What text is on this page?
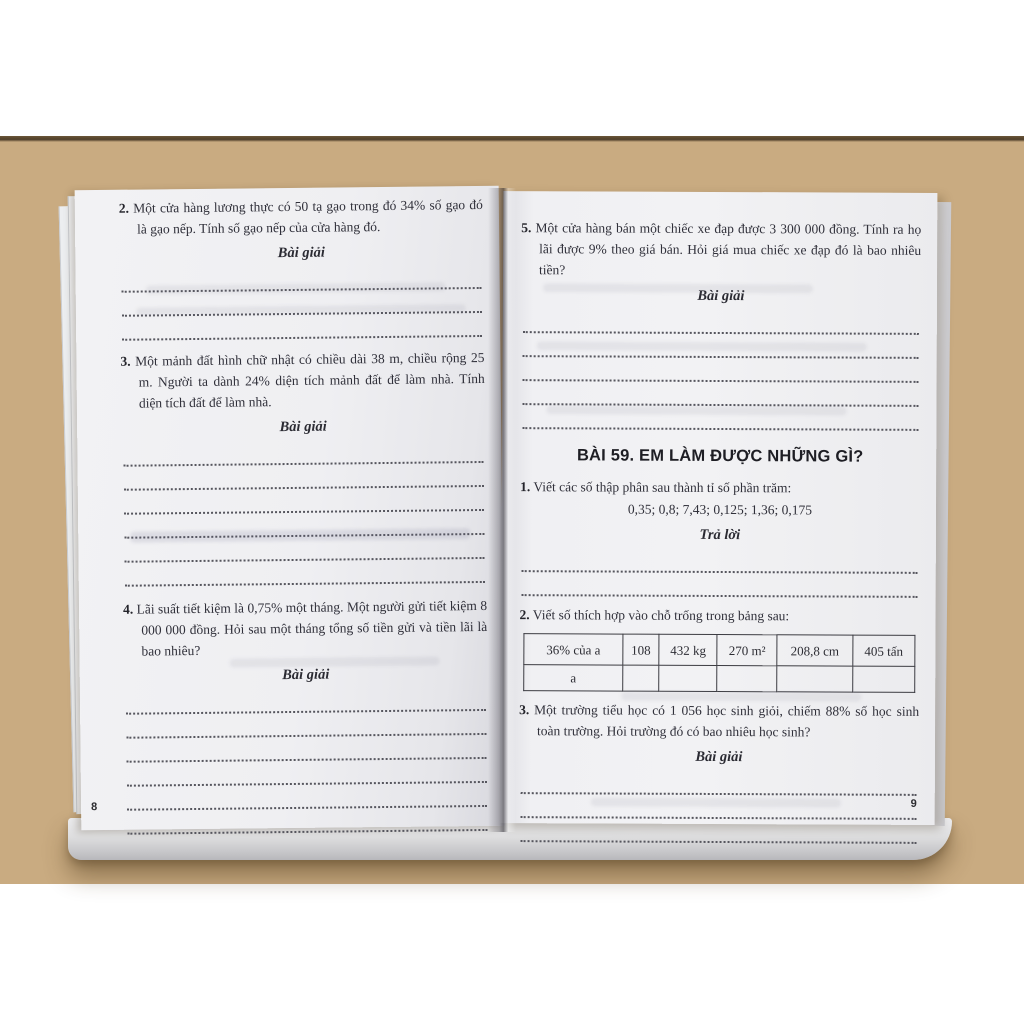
2. Một cửa hàng lương thực có 50 tạ gạo trong đó 34% số gạo đó là gạo nếp. Tính số gạo nếp của cửa hàng đó.
Bài giải
3. Một mảnh đất hình chữ nhật có chiều dài 38 m, chiều rộng 25 m. Người ta dành 24% diện tích mảnh đất để làm nhà. Tính diện tích đất để làm nhà.
Bài giải
4. Lãi suất tiết kiệm là 0,75% một tháng. Một người gửi tiết kiệm 8 000 000 đồng. Hỏi sau một tháng tổng số tiền gửi và tiền lãi là bao nhiêu?
Bài giải
8
5. Một cửa hàng bán một chiếc xe đạp được 3 300 000 đồng. Tính ra họ lãi được 9% theo giá bán. Hỏi giá mua chiếc xe đạp đó là bao nhiêu tiền?
Bài giải
BÀI 59. EM LÀM ĐƯỢC NHỮNG GÌ?
1. Viết các số thập phân sau thành tỉ số phần trăm:
0,35; 0,8; 7,43; 0,125; 1,36; 0,175
Trả lời
2. Viết số thích hợp vào chỗ trống trong bảng sau:
36% của a	108	432 kg	270 m²	208,8 cm	405 tấn
a					
3. Một trường tiểu học có 1 056 học sinh giỏi, chiếm 88% số học sinh toàn trường. Hỏi trường đó có bao nhiêu học sinh?
Bài giải
9
